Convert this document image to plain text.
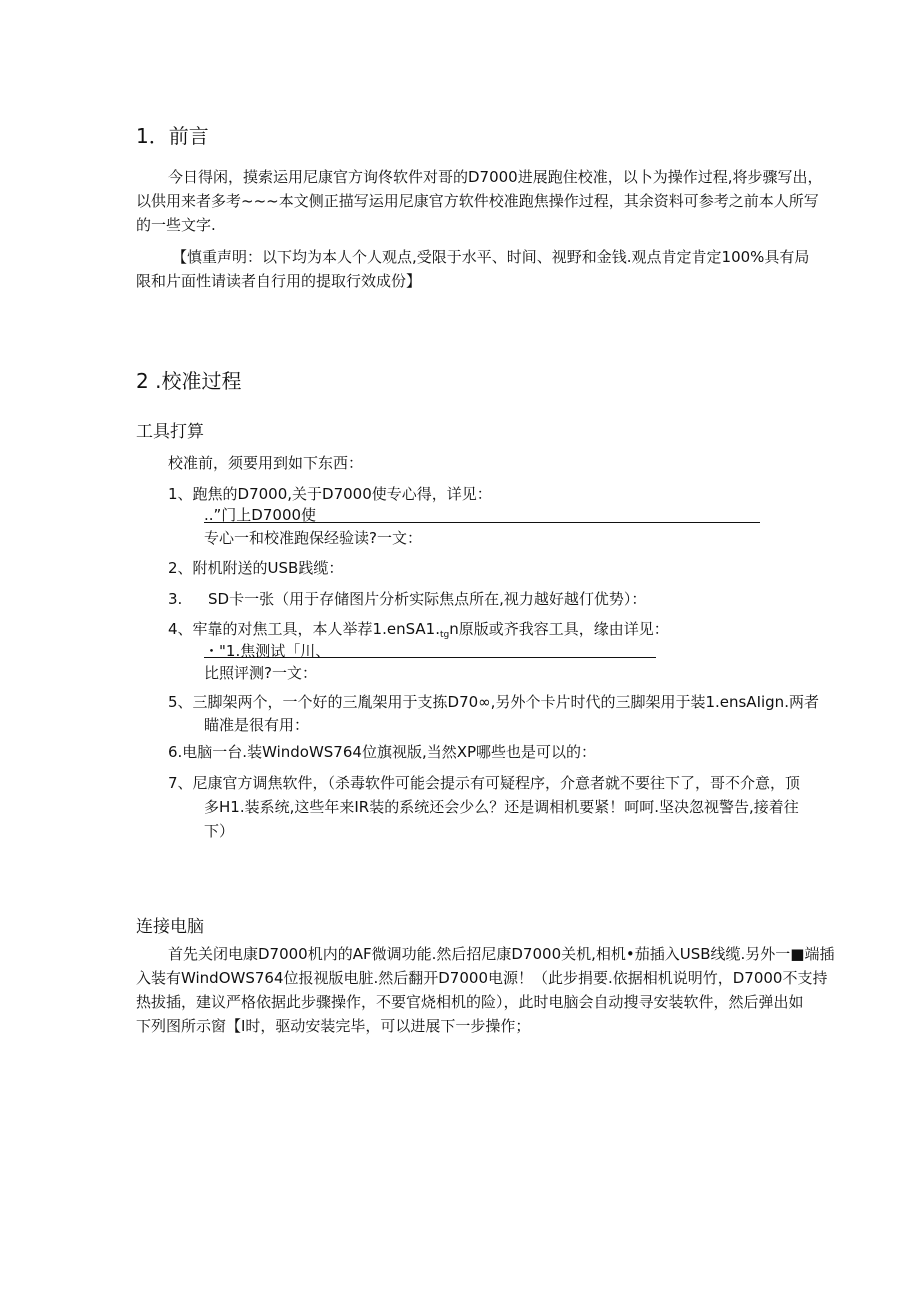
1．前言
今日得闲，摸索运用尼康官方询佟软件对哥的D7000进展跑住校准，以卜为操作过程,将步骤写出，
以供用来者多考~~~本文侧正描写运用尼康官方软件校准跑焦操作过程，其余资料可参考之前本人所写
的一些文字.
【慎重声明：以下均为本人个人观点,受限于水平、时间、视野和金钱.观点肯定肯定100%具有局
限和片面性请读者自行用的提取行效成份】
2 .校准过程
工具打算
校准前，须要用到如下东西：
1、跑焦的D7000,关于D7000使专心得，详见：
..”门上D7000使
专心一和校准跑保经验读?一文：
2、附机附送的USB践缆：
3. SD卡一张（用于存储图片分析实际焦点所在,视力越好越仃优势）：
4、牢靠的对焦工具，本人举荐$1.enSA1._{tg}n$原版或齐我容工具，缘由详见：
・"1.焦测试「川、
比照评测?一文：
5、三脚架两个，一个好的三胤架用于支拣D70∞,另外个卡片时代的三脚架用于装1.ensAIign.两者
瞄准是很有用：
6.电脑一台.装WindoWS764位旗视版,当然XP哪些也是可以的：
7、尼康官方调焦软件，（杀毒软件可能会提示有可疑程序，介意者就不要往下了，哥不介意，顶
多H1.装系统,这些年来IR装的系统还会少么？还是调相机要紧！呵呵.坚决忽视警告,接着往
下）
连接电脑
首先关闭电康D7000机内的AF微调功能.然后招尼康D7000关机,相机•茄插入USB线缆.另外一■端插
入装有WindOWS764位报视版电脏.然后翻开D7000电源！（此步捐要.依据相机说明竹，D7000不支持
热拔插，建议严格依据此步骤操作，不要官烧相机的险），此时电脑会自动搜寻安装软件，然后弹出如
下列图所示窗【I时，驱动安装完毕，可以进展下一步操作；
